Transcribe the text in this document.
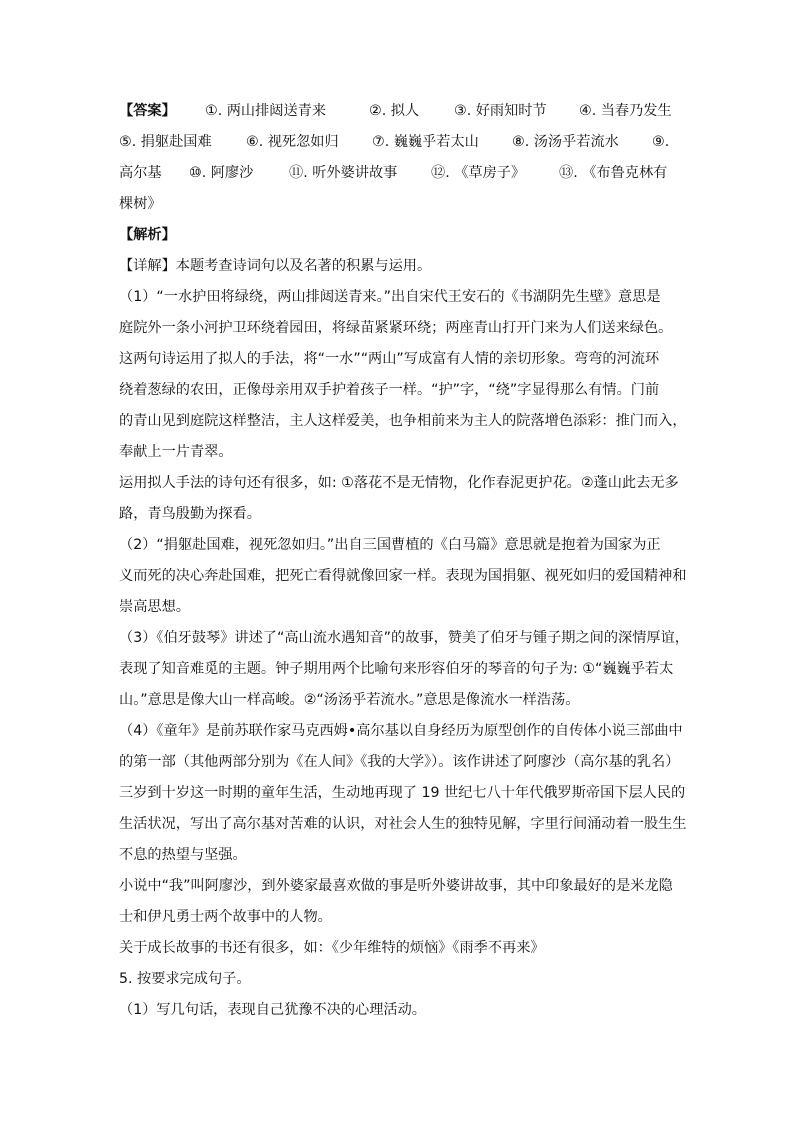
【答案】 ①. 两山排闼送青来	②. 拟人 ③. 好雨知时节 ④. 当春乃发生
⑤. 捐躯赴国难 ⑥. 视死忽如归 ⑦. 巍巍乎若太山 ⑧. 汤汤乎若流水 ⑨.
高尔基 ⑩. 阿廖沙	⑪. 听外婆讲故事 ⑫. 《草房子》 ⑬. 《布鲁克林有
棵树》
【解析】
【详解】本题考查诗词句以及名著的积累与运用。
（1）“一水护田将绿绕，两山排闼送青来。”出自宋代王安石的《书湖阴先生壁》意思是
庭院外一条小河护卫环绕着园田，将绿苗紧紧环绕；两座青山打开门来为人们送来绿色。
这两句诗运用了拟人的手法，将“一水”“两山”写成富有人情的亲切形象。弯弯的河流环
绕着葱绿的农田，正像母亲用双手护着孩子一样。“护”字，“绕”字显得那么有情。门前
的青山见到庭院这样整洁，主人这样爱美，也争相前来为主人的院落增色添彩：推门而入，
奉献上一片青翠。
运用拟人手法的诗句还有很多，如: ①落花不是无情物，化作春泥更护花。②蓬山此去无多
路，青鸟殷勤为探看。
（2）“捐躯赴国难，视死忽如归。”出自三国曹植的《白马篇》意思就是抱着为国家为正
义而死的决心奔赴国难，把死亡看得就像回家一样。表现为国捐躯、视死如归的爱国精神和
崇高思想。
（3）《伯牙鼓琴》讲述了“高山流水遇知音”的故事，赞美了伯牙与锺子期之间的深情厚谊，
表现了知音难觅的主题。钟子期用两个比喻句来形容伯牙的琴音的句子为: ①“巍巍乎若太
山。”意思是像大山一样高峻。②“汤汤乎若流水。”意思是像流水一样浩荡。
（4）《童年》是前苏联作家马克西姆•高尔基以自身经历为原型创作的自传体小说三部曲中
的第一部（其他两部分别为《在人间》《我的大学》）。该作讲述了阿廖沙（高尔基的乳名）
三岁到十岁这一时期的童年生活，生动地再现了 19 世纪七八十年代俄罗斯帝国下层人民的
生活状况，写出了高尔基对苦难的认识，对社会人生的独特见解，字里行间涌动着一股生生
不息的热望与坚强。
小说中“我”叫阿廖沙，到外婆家最喜欢做的事是听外婆讲故事，其中印象最好的是米龙隐
士和伊凡勇士两个故事中的人物。
关于成长故事的书还有很多，如：《少年维特的烦恼》《雨季不再来》
5. 按要求完成句子。
（1）写几句话，表现自己犹豫不决的心理活动。
